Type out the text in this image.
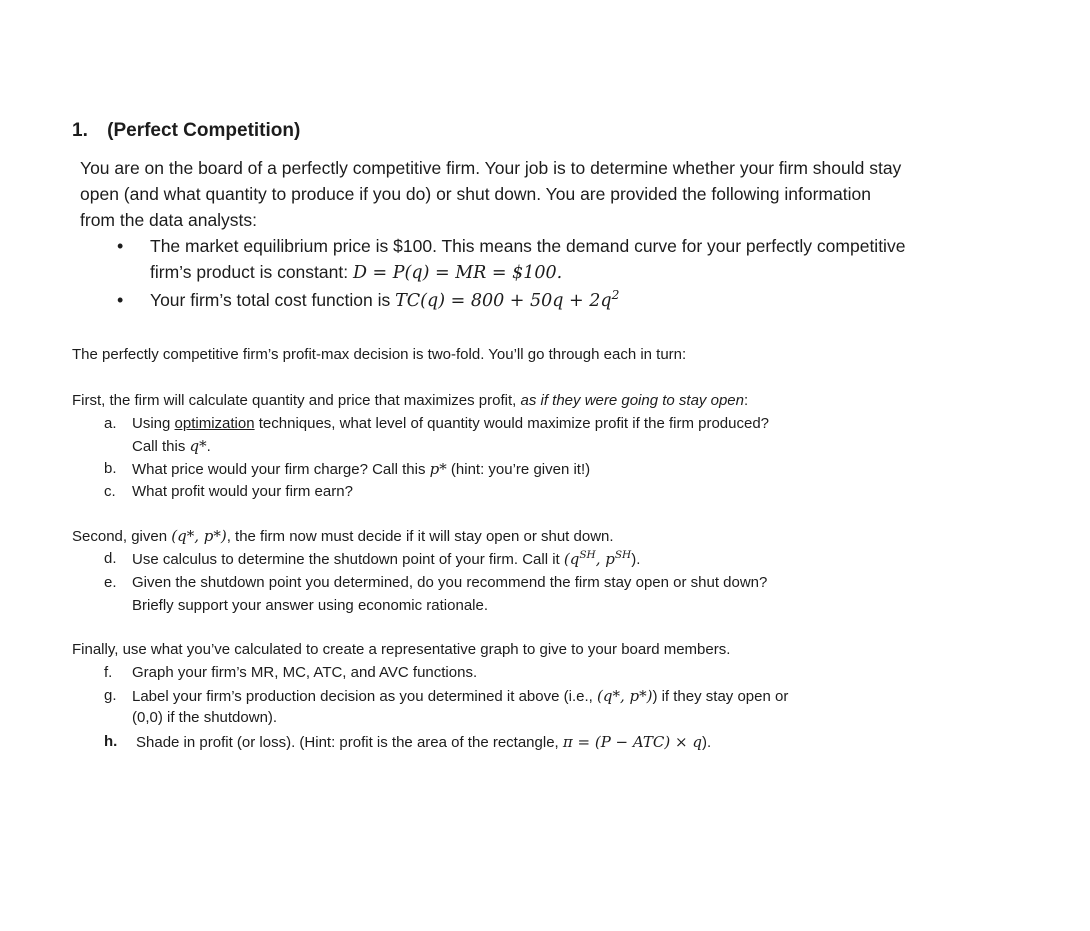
1. (Perfect Competition)
You are on the board of a perfectly competitive firm. Your job is to determine whether your firm should stay
open (and what quantity to produce if you do) or shut down. You are provided the following information
from the data analysts:
• The market equilibrium price is $100. This means the demand curve for your perfectly competitive
firm’s product is constant: D = P(q) = MR = $100.
• Your firm’s total cost function is $TC(q) = 800 + 50q + 2q^2$
The perfectly competitive firm’s profit-max decision is two-fold. You’ll go through each in turn:
First, the firm will calculate quantity and price that maximizes profit, as if they were going to stay open:
a. Using optimization techniques, what level of quantity would maximize profit if the firm produced?
Call this q*.
b. What price would your firm charge? Call this p* (hint: you’re given it!)
c. What profit would your firm earn?
Second, given (q*, p*), the firm now must decide if it will stay open or shut down.
d. Use calculus to determine the shutdown point of your firm. Call it ($q^{SH}$, $p^{SH}$).
e. Given the shutdown point you determined, do you recommend the firm stay open or shut down?
Briefly support your answer using economic rationale.
Finally, use what you’ve calculated to create a representative graph to give to your board members.
f. Graph your firm’s MR, MC, ATC, and AVC functions.
g. Label your firm’s production decision as you determined it above (i.e., (q*, p*)) if they stay open or
(0,0) if the shutdown).
h. Shade in profit (or loss). (Hint: profit is the area of the rectangle, π = (P − ATC) × q).
